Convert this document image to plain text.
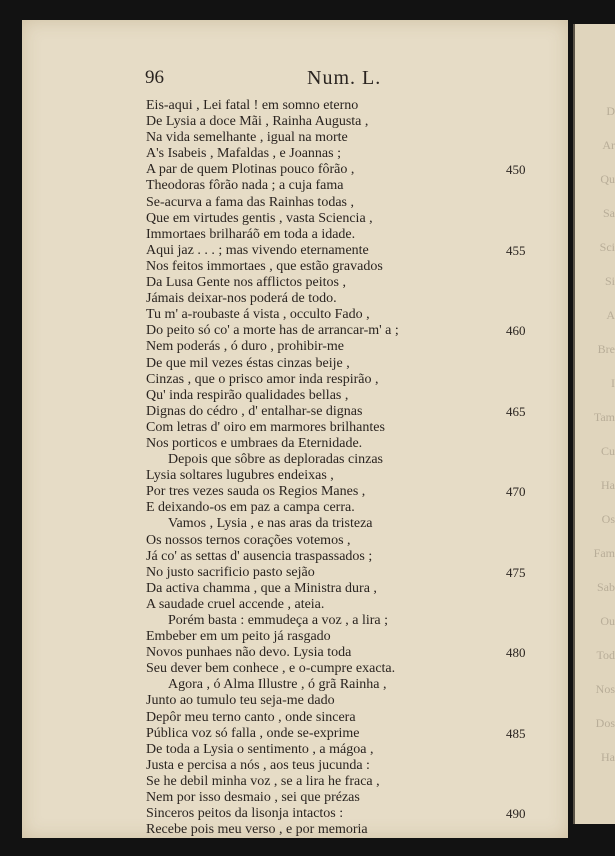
D
Ar
Qu
Sa
Sci
Si
A
Bre
I
Tam
Cu
Ha
Os
Fam
Sab
Ou
Tod
Nos
Dos
Ha
96	Num. L.
Eis-aqui , Lei fatal ! em somno eterno
De Lysia a doce Mãi , Rainha Augusta ,
Na vida semelhante , igual na morte
A's Isabeis , Mafaldas , e Joannas ;
A par de quem Plotinas pouco fôrão ,	450
Theodoras fôrão nada ; a cuja fama
Se-acurva a fama das Rainhas todas ,
Que em virtudes gentis , vasta Sciencia ,
Immortaes brilharáõ em toda a idade.
Aqui jaz . . . ; mas vivendo eternamente	455
Nos feitos immortaes , que estão gravados
Da Lusa Gente nos afflictos peitos ,
Jámais deixar-nos poderá de todo.
Tu m' a-roubaste á vista , occulto Fado ,
Do peito só co' a morte has de arrancar-m' a ;	460
Nem poderás , ó duro , prohibir-me
De que mil vezes éstas cinzas beije ,
Cinzas , que o prisco amor inda respirão ,
Qu' inda respirão qualidades bellas ,
Dignas do cédro , d' entalhar-se dignas	465
Com letras d' oiro em marmores brilhantes
Nos porticos e umbraes da Eternidade.
Depois que sôbre as deploradas cinzas
Lysia soltares lugubres endeixas ,
Por tres vezes sauda os Regios Manes ,	470
E deixando-os em paz a campa cerra.
Vamos , Lysia , e nas aras da tristeza
Os nossos ternos corações votemos ,
Já co' as settas d' ausencia traspassados ;
No justo sacrificio pasto sejão	475
Da activa chamma , que a Ministra dura ,
A saudade cruel accende , ateia.
Porém basta : emmudeça a voz , a lira ;
Embeber em um peito já rasgado
Novos punhaes não devo. Lysia toda	480
Seu dever bem conhece , e o-cumpre exacta.
Agora , ó Alma Illustre , ó grã Rainha ,
Junto ao tumulo teu seja-me dado
Depôr meu terno canto , onde sincera
Pública voz só falla , onde se-exprime	485
De toda a Lysia o sentimento , a mágoa ,
Justa e percisa a nós , aos teus jucunda :
Se he debil minha voz , se a lira he fraca ,
Nem por isso desmaio , sei que prézas
Sinceros peitos da lisonja intactos :	490
Recebe pois meu verso , e por memoria
